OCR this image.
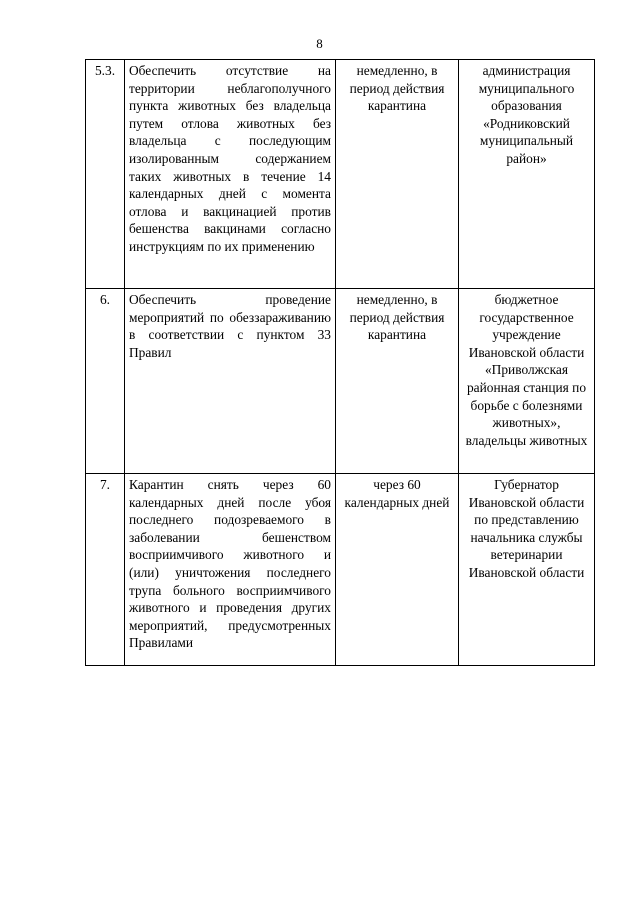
8
5.3.	Обеспечить отсутствие на территории неблагополучного пункта животных без владельца путем отлова животных без владельца с последующим изолированным содержанием таких животных в течение 14 календарных дней с момента отлова и вакцинацией против бешенства вакцинами согласно инструкциям по их применению	немедленно, в период действия карантина	администрация муниципального образования «Родниковский муниципальный район»
6.	Обеспечить проведение мероприятий по обеззараживанию в соответствии с пунктом 33 Правил	немедленно, в период действия карантина	бюджетное государственное учреждение Ивановской области «Приволжская районная станция по борьбе с болезнями животных», владельцы животных
7.	Карантин снять через 60 календарных дней после убоя последнего подозреваемого в заболевании бешенством восприимчивого животного и (или) уничтожения последнего трупа больного восприимчивого животного и проведения других мероприятий, предусмотренных Правилами	через 60 календарных дней	Губернатор Ивановской области по представлению начальника службы ветеринарии Ивановской области
